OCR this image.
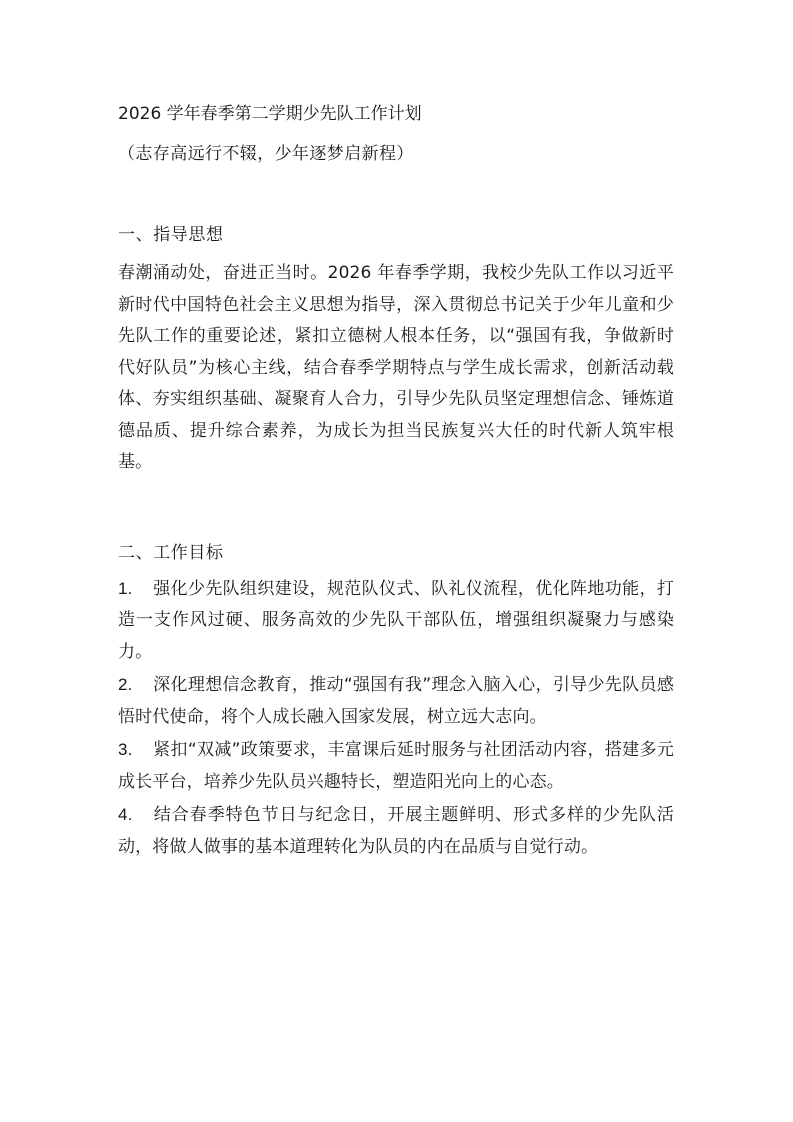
2026 学年春季第二学期少先队工作计划
（志存高远行不辍，少年逐梦启新程）
一、指导思想
春潮涌动处，奋进正当时。2026 年春季学期，我校少先队工作以习近平新时代中国特色社会主义思想为指导，深入贯彻总书记关于少年儿童和少先队工作的重要论述，紧扣立德树人根本任务，以“强国有我，争做新时代好队员”为核心主线，结合春季学期特点与学生成长需求，创新活动载体、夯实组织基础、凝聚育人合力，引导少先队员坚定理想信念、锤炼道德品质、提升综合素养，为成长为担当民族复兴大任的时代新人筑牢根基。
二、工作目标
1. 强化少先队组织建设，规范队仪式、队礼仪流程，优化阵地功能，打造一支作风过硬、服务高效的少先队干部队伍，增强组织凝聚力与感染力。
2. 深化理想信念教育，推动“强国有我”理念入脑入心，引导少先队员感悟时代使命，将个人成长融入国家发展，树立远大志向。
3. 紧扣“双减”政策要求，丰富课后延时服务与社团活动内容，搭建多元成长平台，培养少先队员兴趣特长，塑造阳光向上的心态。
4. 结合春季特色节日与纪念日，开展主题鲜明、形式多样的少先队活动，将做人做事的基本道理转化为队员的内在品质与自觉行动。
